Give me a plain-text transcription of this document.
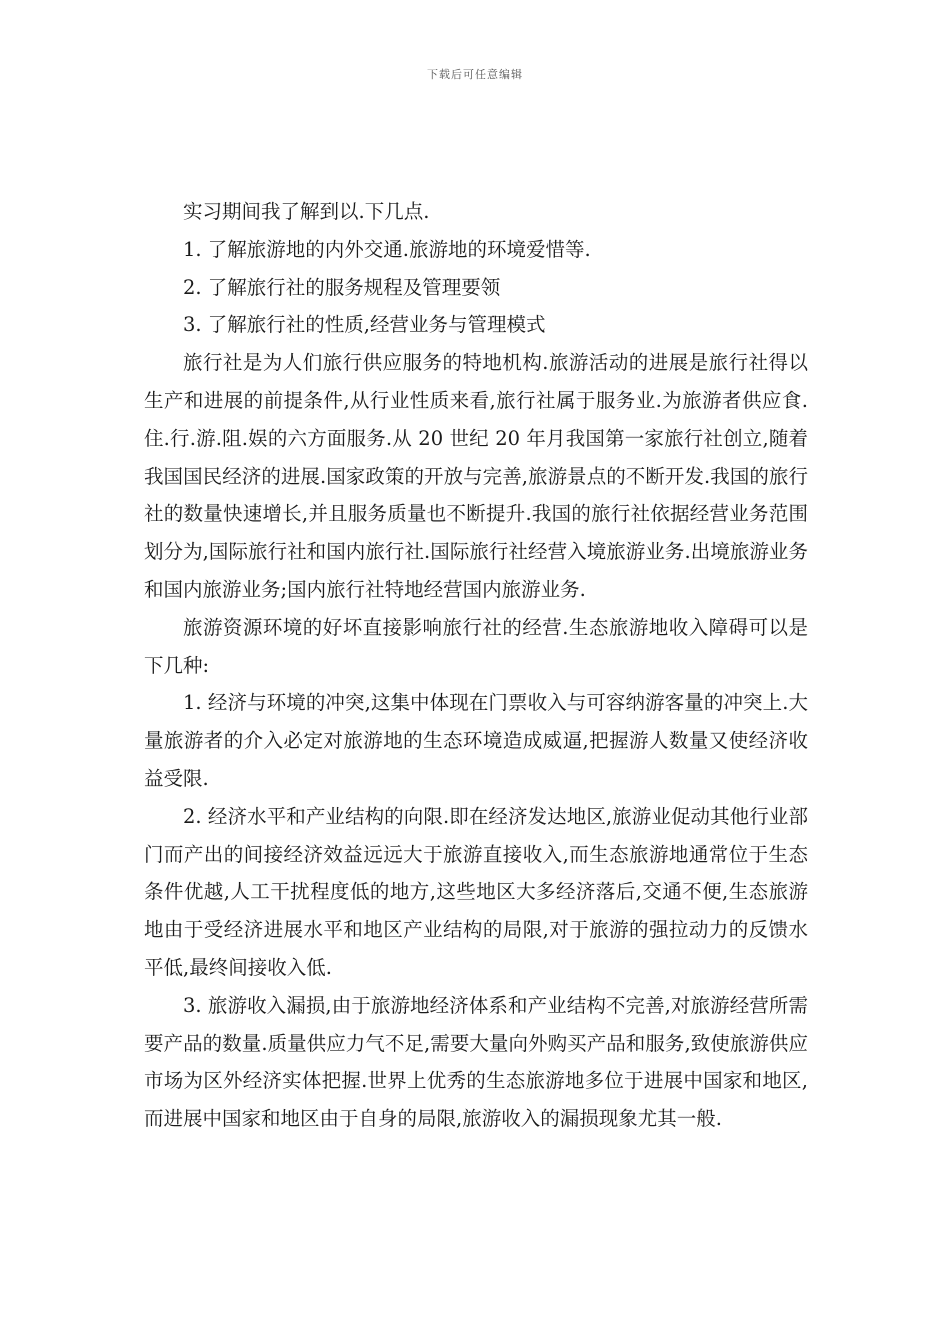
下载后可任意编辑

实习期间我了解到以.下几点.

1. 了解旅游地的内外交通.旅游地的环境爱惜等.

2. 了解旅行社的服务规程及管理要领

3. 了解旅行社的性质,经营业务与管理模式

旅行社是为人们旅行供应服务的特地机构.旅游活动的进展是旅行社得以生产和进展的前提条件,从行业性质来看,旅行社属于服务业.为旅游者供应食.住.行.游.阻.娱的六方面服务.从 20 世纪 20 年月我国第一家旅行社创立,随着我国国民经济的进展.国家政策的开放与完善,旅游景点的不断开发.我国的旅行社的数量快速增长,并且服务质量也不断提升.我国的旅行社依据经营业务范围划分为,国际旅行社和国内旅行社.国际旅行社经营入境旅游业务.出境旅游业务和国内旅游业务;国内旅行社特地经营国内旅游业务.

旅游资源环境的好坏直接影响旅行社的经营.生态旅游地收入障碍可以是下几种:

1. 经济与环境的冲突,这集中体现在门票收入与可容纳游客量的冲突上.大量旅游者的介入必定对旅游地的生态环境造成威逼,把握游人数量又使经济收益受限.

2. 经济水平和产业结构的向限.即在经济发达地区,旅游业促动其他行业部门而产出的间接经济效益远远大于旅游直接收入,而生态旅游地通常位于生态条件优越,人工干扰程度低的地方,这些地区大多经济落后,交通不便,生态旅游地由于受经济进展水平和地区产业结构的局限,对于旅游的强拉动力的反馈水平低,最终间接收入低.

3. 旅游收入漏损,由于旅游地经济体系和产业结构不完善,对旅游经营所需要产品的数量.质量供应力气不足,需要大量向外购买产品和服务,致使旅游供应市场为区外经济实体把握.世界上优秀的生态旅游地多位于进展中国家和地区,而进展中国家和地区由于自身的局限,旅游收入的漏损现象尤其一般.
